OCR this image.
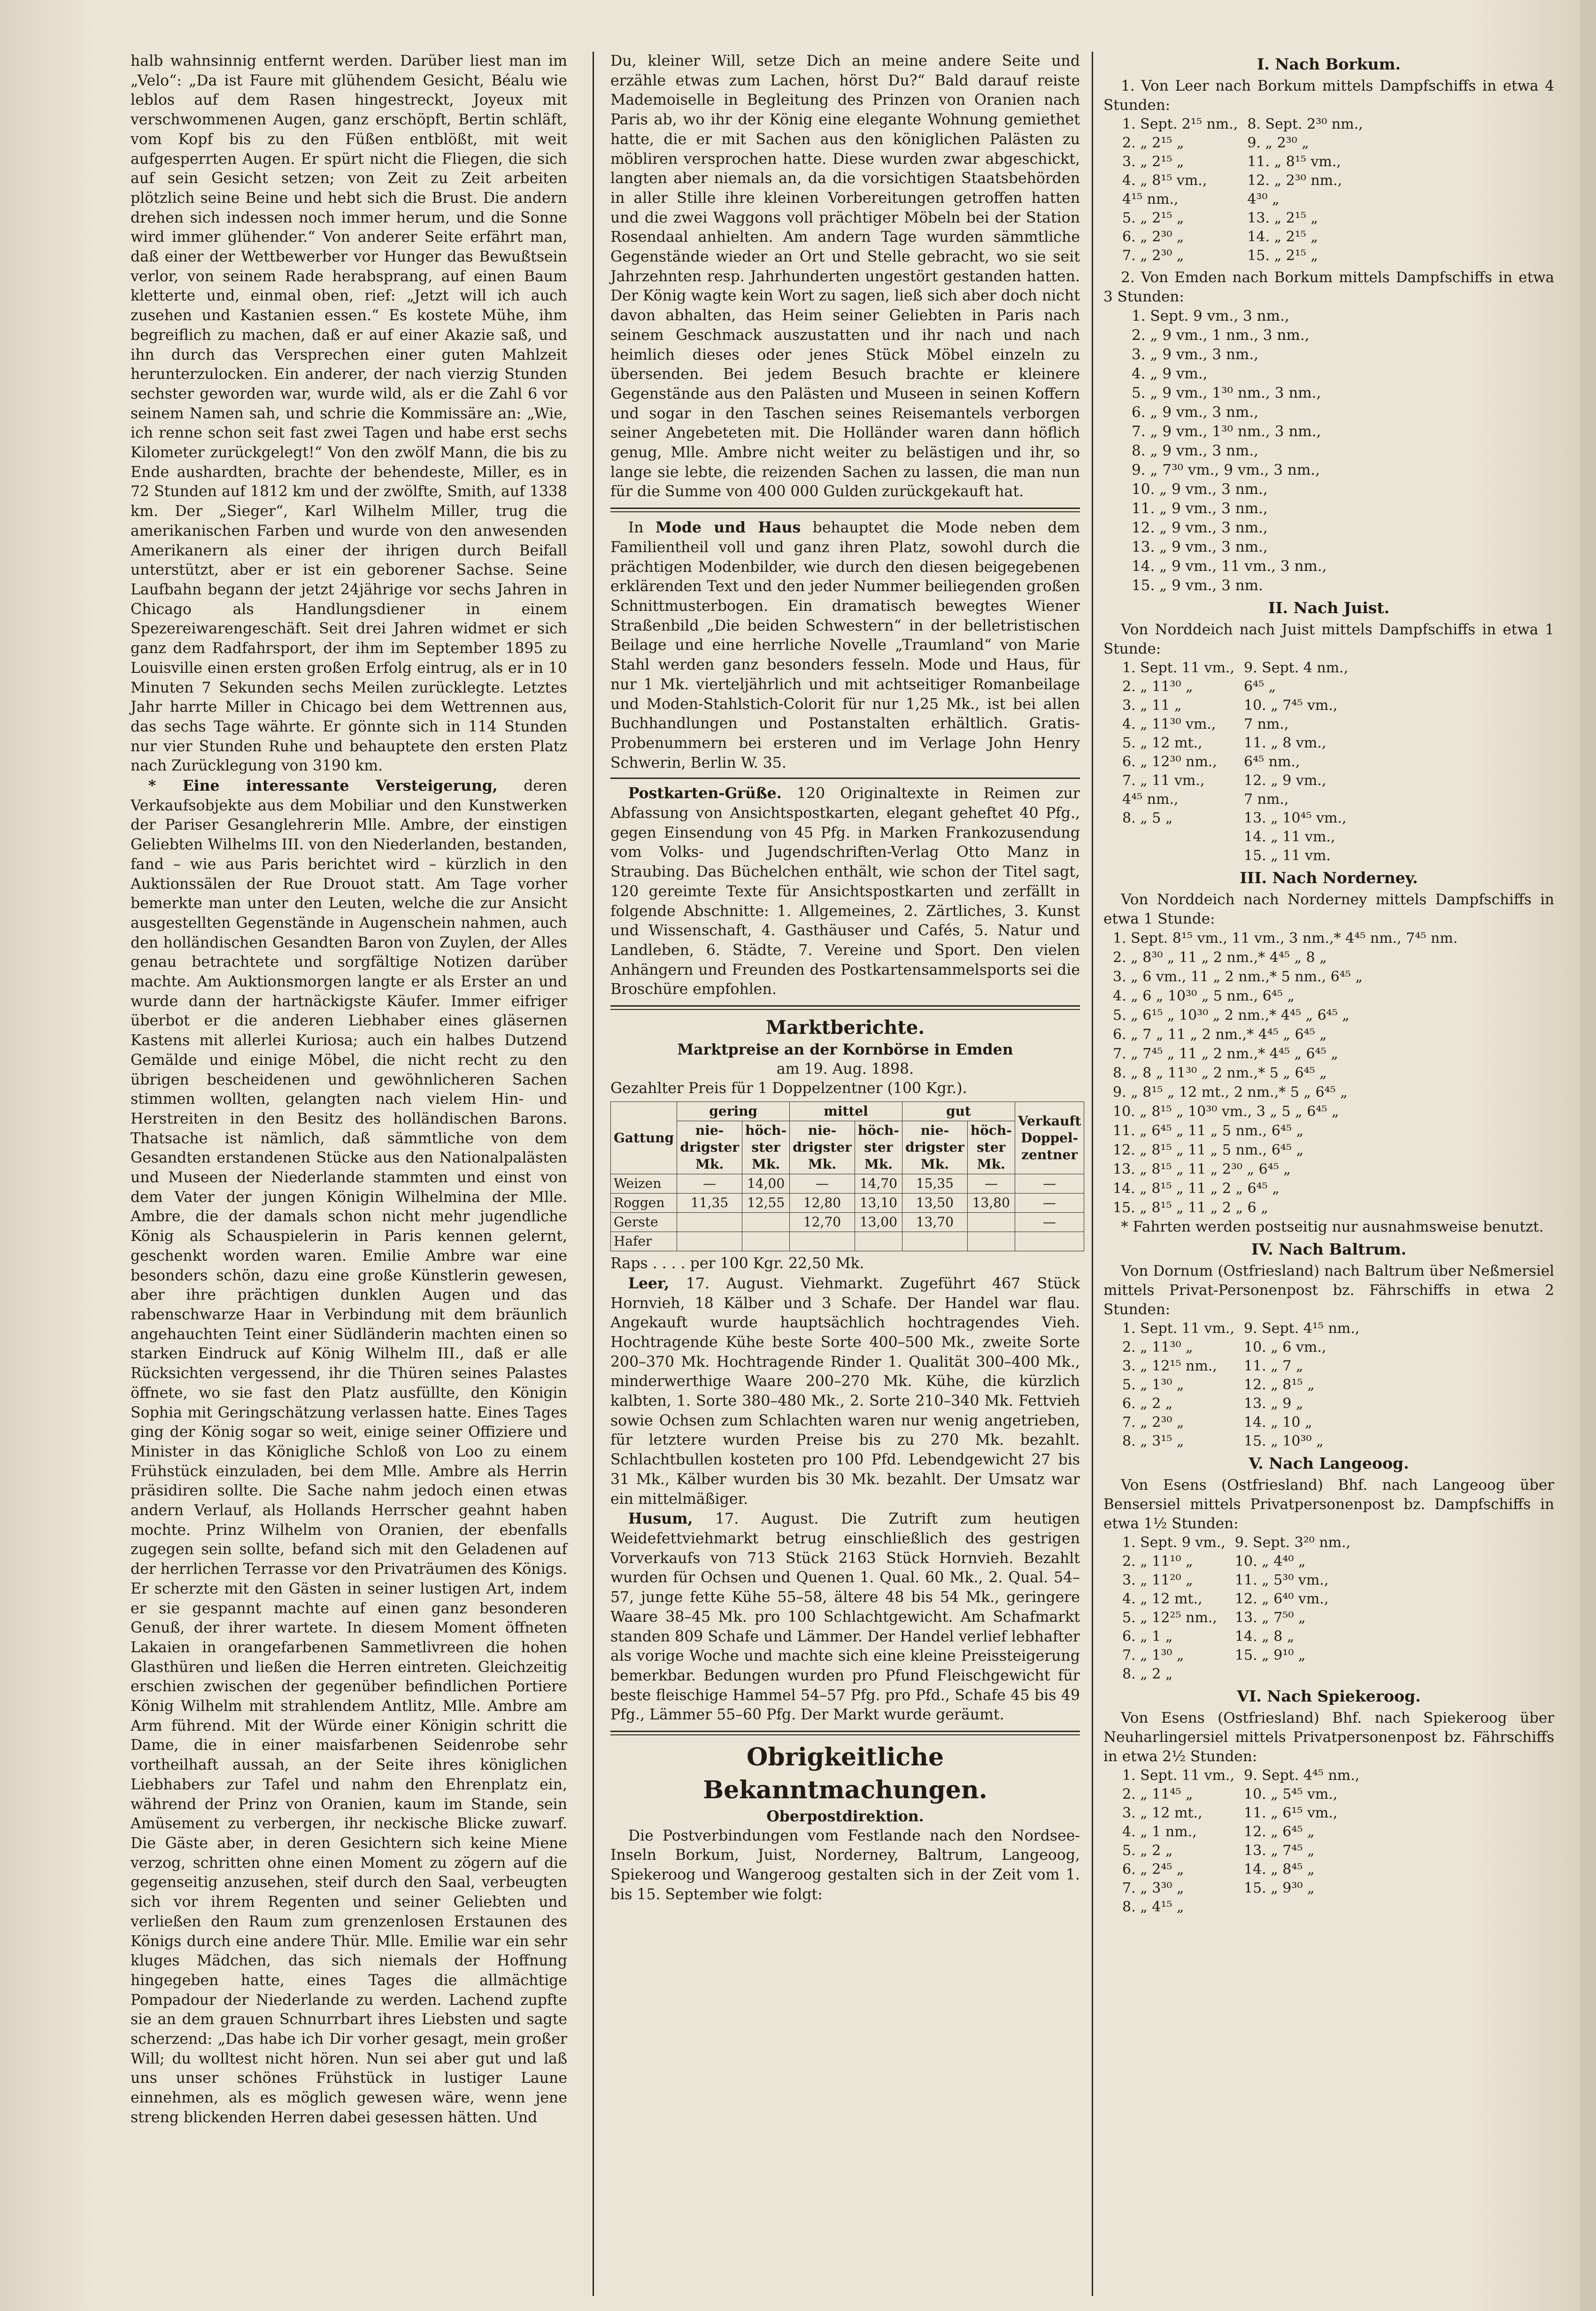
halb wahnsinnig entfernt werden. Darüber liest man im „Velo“: „Da ist Faure mit glühendem Gesicht, Béalu wie leblos auf dem Rasen hingestreckt, Joyeux mit verschwommenen Augen, ganz erschöpft, Bertin schläft, vom Kopf bis zu den Füßen entblößt, mit weit aufgesperrten Augen. Er spürt nicht die Fliegen, die sich auf sein Gesicht setzen; von Zeit zu Zeit arbeiten plötzlich seine Beine und hebt sich die Brust. Die andern drehen sich indessen noch immer herum, und die Sonne wird immer glühender.“ Von anderer Seite erfährt man, daß einer der Wettbewerber vor Hunger das Bewußtsein verlor, von seinem Rade herabsprang, auf einen Baum kletterte und, einmal oben, rief: „Jetzt will ich auch zusehen und Kastanien essen.“ Es kostete Mühe, ihm begreiflich zu machen, daß er auf einer Akazie saß, und ihn durch das Versprechen einer guten Mahlzeit herunterzulocken. Ein anderer, der nach vierzig Stunden sechster geworden war, wurde wild, als er die Zahl 6 vor seinem Namen sah, und schrie die Kommissäre an: „Wie, ich renne schon seit fast zwei Tagen und habe erst sechs Kilometer zurückgelegt!“ Von den zwölf Mann, die bis zu Ende aushardten, brachte der behendeste, Miller, es in 72 Stunden auf 1812 km und der zwölfte, Smith, auf 1338 km. Der „Sieger“, Karl Wilhelm Miller, trug die amerikanischen Farben und wurde von den anwesenden Amerikanern als einer der ihrigen durch Beifall unterstützt, aber er ist ein geborener Sachse. Seine Laufbahn begann der jetzt 24jährige vor sechs Jahren in Chicago als Handlungsdiener in einem Spezereiwarengeschäft. Seit drei Jahren widmet er sich ganz dem Radfahrsport, der ihm im September 1895 zu Louisville einen ersten großen Erfolg eintrug, als er in 10 Minuten 7 Sekunden sechs Meilen zurücklegte. Letztes Jahr harrte Miller in Chicago bei dem Wettrennen aus, das sechs Tage währte. Er gönnte sich in 114 Stunden nur vier Stunden Ruhe und behauptete den ersten Platz nach Zurücklegung von 3190 km.

* Eine interessante Versteigerung, deren Verkaufsobjekte aus dem Mobiliar und den Kunstwerken der Pariser Gesanglehrerin Mlle. Ambre, der einstigen Geliebten Wilhelms III. von den Niederlanden, bestanden, fand – wie aus Paris berichtet wird – kürzlich in den Auktionssälen der Rue Drouot statt. Am Tage vorher bemerkte man unter den Leuten, welche die zur Ansicht ausgestellten Gegenstände in Augenschein nahmen, auch den holländischen Gesandten Baron von Zuylen, der Alles genau betrachtete und sorgfältige Notizen darüber machte. Am Auktionsmorgen langte er als Erster an und wurde dann der hartnäckigste Käufer. Immer eifriger überbot er die anderen Liebhaber eines gläsernen Kastens mit allerlei Kuriosa; auch ein halbes Dutzend Gemälde und einige Möbel, die nicht recht zu den übrigen bescheidenen und gewöhnlicheren Sachen stimmen wollten, gelangten nach vielem Hin- und Herstreiten in den Besitz des holländischen Barons. Thatsache ist nämlich, daß sämmtliche von dem Gesandten erstandenen Stücke aus den Nationalpalästen und Museen der Niederlande stammten und einst von dem Vater der jungen Königin Wilhelmina der Mlle. Ambre, die der damals schon nicht mehr jugendliche König als Schauspielerin in Paris kennen gelernt, geschenkt worden waren. Emilie Ambre war eine besonders schön, dazu eine große Künstlerin gewesen, aber ihre prächtigen dunklen Augen und das rabenschwarze Haar in Verbindung mit dem bräunlich angehauchten Teint einer Südländerin machten einen so starken Eindruck auf König Wilhelm III., daß er alle Rücksichten vergessend, ihr die Thüren seines Palastes öffnete, wo sie fast den Platz ausfüllte, den Königin Sophia mit Geringschätzung verlassen hatte. Eines Tages ging der König sogar so weit, einige seiner Offiziere und Minister in das Königliche Schloß von Loo zu einem Frühstück einzuladen, bei dem Mlle. Ambre als Herrin präsidiren sollte. Die Sache nahm jedoch einen etwas andern Verlauf, als Hollands Herrscher geahnt haben mochte. Prinz Wilhelm von Oranien, der ebenfalls zugegen sein sollte, befand sich mit den Geladenen auf der herrlichen Terrasse vor den Privaträumen des Königs. Er scherzte mit den Gästen in seiner lustigen Art, indem er sie gespannt machte auf einen ganz besonderen Genuß, der ihrer wartete. In diesem Moment öffneten Lakaien in orangefarbenen Sammetlivreen die hohen Glasthüren und ließen die Herren eintreten. Gleichzeitig erschien zwischen der gegenüber befindlichen Portiere König Wilhelm mit strahlendem Antlitz, Mlle. Ambre am Arm führend. Mit der Würde einer Königin schritt die Dame, die in einer maisfarbenen Seidenrobe sehr vortheilhaft aussah, an der Seite ihres königlichen Liebhabers zur Tafel und nahm den Ehrenplatz ein, während der Prinz von Oranien, kaum im Stande, sein Amüsement zu verbergen, ihr neckische Blicke zuwarf. Die Gäste aber, in deren Gesichtern sich keine Miene verzog, schritten ohne einen Moment zu zögern auf die gegenseitig anzusehen, steif durch den Saal, verbeugten sich vor ihrem Regenten und seiner Geliebten und verließen den Raum zum grenzenlosen Erstaunen des Königs durch eine andere Thür. Mlle. Emilie war ein sehr kluges Mädchen, das sich niemals der Hoffnung hingegeben hatte, eines Tages die allmächtige Pompadour der Niederlande zu werden. Lachend zupfte sie an dem grauen Schnurrbart ihres Liebsten und sagte scherzend: „Das habe ich Dir vorher gesagt, mein großer Will; du wolltest nicht hören. Nun sei aber gut und laß uns unser schönes Frühstück in lustiger Laune einnehmen, als es möglich gewesen wäre, wenn jene streng blickenden Herren dabei gesessen hätten. Und

Du, kleiner Will, setze Dich an meine andere Seite und erzähle etwas zum Lachen, hörst Du?“ Bald darauf reiste Mademoiselle in Begleitung des Prinzen von Oranien nach Paris ab, wo ihr der König eine elegante Wohnung gemiethet hatte, die er mit Sachen aus den königlichen Palästen zu möbliren versprochen hatte. Diese wurden zwar abgeschickt, langten aber niemals an, da die vorsichtigen Staatsbehörden in aller Stille ihre kleinen Vorbereitungen getroffen hatten und die zwei Waggons voll prächtiger Möbeln bei der Station Rosendaal anhielten. Am andern Tage wurden sämmtliche Gegenstände wieder an Ort und Stelle gebracht, wo sie seit Jahrzehnten resp. Jahrhunderten ungestört gestanden hatten. Der König wagte kein Wort zu sagen, ließ sich aber doch nicht davon abhalten, das Heim seiner Geliebten in Paris nach seinem Geschmack auszustatten und ihr nach und nach heimlich dieses oder jenes Stück Möbel einzeln zu übersenden. Bei jedem Besuch brachte er kleinere Gegenstände aus den Palästen und Museen in seinen Koffern und sogar in den Taschen seines Reisemantels verborgen seiner Angebeteten mit. Die Holländer waren dann höflich genug, Mlle. Ambre nicht weiter zu belästigen und ihr, so lange sie lebte, die reizenden Sachen zu lassen, die man nun für die Summe von 400 000 Gulden zurückgekauft hat.

In Mode und Haus behauptet die Mode neben dem Familientheil voll und ganz ihren Platz, sowohl durch die prächtigen Modenbilder, wie durch den diesen beigegebenen erklärenden Text und den jeder Nummer beiliegenden großen Schnittmusterbogen. Ein dramatisch bewegtes Wiener Straßenbild „Die beiden Schwestern“ in der belletristischen Beilage und eine herrliche Novelle „Traumland“ von Marie Stahl werden ganz besonders fesseln. Mode und Haus, für nur 1 Mk. vierteljährlich und mit achtseitiger Romanbeilage und Moden-Stahlstich-Colorit für nur 1,25 Mk., ist bei allen Buchhandlungen und Postanstalten erhältlich. Gratis-Probenummern bei ersteren und im Verlage John Henry Schwerin, Berlin W. 35.

Postkarten-Grüße. 120 Originaltexte in Reimen zur Abfassung von Ansichtspostkarten, elegant geheftet 40 Pfg., gegen Einsendung von 45 Pfg. in Marken Frankozusendung vom Volks- und Jugendschriften-Verlag Otto Manz in Straubing. Das Büchelchen enthält, wie schon der Titel sagt, 120 gereimte Texte für Ansichtspostkarten und zerfällt in folgende Abschnitte: 1. Allgemeines, 2. Zärtliches, 3. Kunst und Wissenschaft, 4. Gasthäuser und Cafés, 5. Natur und Landleben, 6. Städte, 7. Vereine und Sport. Den vielen Anhängern und Freunden des Postkartensammelsports sei die Broschüre empfohlen.

Marktberichte.

Marktpreise an der Kornbörse in Emden

am 19. Aug. 1898.

Gezahlter Preis für 1 Doppelzentner (100 Kgr.).

Gattung	gering		mittel		gut		Verkauft Doppel- zentner
	nie- drigster Mk.	höch- ster Mk.	nie- drigster Mk.	höch- ster Mk.	nie- drigster Mk.	höch- ster Mk.	
Weizen	—	14,00	—	14,70	15,35	—	—
Roggen	11,35	12,55	12,80	13,10	13,50	13,80	—
Gerste			12,70	13,00	13,70		—
Hafer							

Raps . . . . per 100 Kgr. 22,50 Mk.

Leer, 17. August. Viehmarkt. Zugeführt 467 Stück Hornvieh, 18 Kälber und 3 Schafe. Der Handel war flau. Angekauft wurde hauptsächlich hochtragendes Vieh. Hochtragende Kühe beste Sorte 400–500 Mk., zweite Sorte 200–370 Mk. Hochtragende Rinder 1. Qualität 300–400 Mk., minderwerthige Waare 200–270 Mk. Kühe, die kürzlich kalbten, 1. Sorte 380–480 Mk., 2. Sorte 210–340 Mk. Fettvieh sowie Ochsen zum Schlachten waren nur wenig angetrieben, für letztere wurden Preise bis zu 270 Mk. bezahlt. Schlachtbullen kosteten pro 100 Pfd. Lebendgewicht 27 bis 31 Mk., Kälber wurden bis 30 Mk. bezahlt. Der Umsatz war ein mittelmäßiger.

Husum, 17. August. Die Zutrift zum heutigen Weidefettviehmarkt betrug einschließlich des gestrigen Vorverkaufs von 713 Stück 2163 Stück Hornvieh. Bezahlt wurden für Ochsen und Quenen 1. Qual. 60 Mk., 2. Qual. 54–57, junge fette Kühe 55–58, ältere 48 bis 54 Mk., geringere Waare 38–45 Mk. pro 100 Schlachtgewicht. Am Schafmarkt standen 809 Schafe und Lämmer. Der Handel verlief lebhafter als vorige Woche und machte sich eine kleine Preissteigerung bemerkbar. Bedungen wurden pro Pfund Fleischgewicht für beste fleischige Hammel 54–57 Pfg. pro Pfd., Schafe 45 bis 49 Pfg., Lämmer 55–60 Pfg. Der Markt wurde geräumt.

Obrigkeitliche Bekanntmachungen.

Oberpostdirektion.

Die Postverbindungen vom Festlande nach den Nordsee-Inseln Borkum, Juist, Norderney, Baltrum, Langeoog, Spiekeroog und Wangeroog gestalten sich in der Zeit vom 1. bis 15. September wie folgt:

I. Nach Borkum.

1. Von Leer nach Borkum mittels Dampfschiffs in etwa 4 Stunden:

1. Sept. 2¹⁵ nm.,	8. Sept. 2³⁰ nm.,
2. „ 2¹⁵ „	9. „ 2³⁰ „
3. „ 2¹⁵ „	11. „ 8¹⁵ vm.,
4. „ 8¹⁵ vm.,	12. „ 2³⁰ nm.,
4¹⁵ nm.,	4³⁰ „
5. „ 2¹⁵ „	13. „ 2¹⁵ „
6. „ 2³⁰ „	14. „ 2¹⁵ „
7. „ 2³⁰ „	15. „ 2¹⁵ „

2. Von Emden nach Borkum mittels Dampfschiffs in etwa 3 Stunden:

1. Sept. 9 vm., 3 nm.,
2. „ 9 vm., 1 nm., 3 nm.,
3. „ 9 vm., 3 nm.,
4. „ 9 vm.,
5. „ 9 vm., 1³⁰ nm., 3 nm.,
6. „ 9 vm., 3 nm.,
7. „ 9 vm., 1³⁰ nm., 3 nm.,
8. „ 9 vm., 3 nm.,
9. „ 7³⁰ vm., 9 vm., 3 nm.,
10. „ 9 vm., 3 nm.,
11. „ 9 vm., 3 nm.,
12. „ 9 vm., 3 nm.,
13. „ 9 vm., 3 nm.,
14. „ 9 vm., 11 vm., 3 nm.,
15. „ 9 vm., 3 nm.
II. Nach Juist.

Von Norddeich nach Juist mittels Dampfschiffs in etwa 1 Stunde:

1. Sept. 11 vm.,	9. Sept. 4 nm.,
2. „ 11³⁰ „	6⁴⁵ „
3. „ 11 „	10. „ 7⁴⁵ vm.,
4. „ 11³⁰ vm.,	7 nm.,
5. „ 12 mt.,	11. „ 8 vm.,
6. „ 12³⁰ nm.,	6⁴⁵ nm.,
7. „ 11 vm.,	12. „ 9 vm.,
4⁴⁵ nm.,	7 nm.,
8. „ 5 „	13. „ 10⁴⁵ vm.,
	14. „ 11 vm.,
	15. „ 11 vm.
III. Nach Norderney.

Von Norddeich nach Norderney mittels Dampfschiffs in etwa 1 Stunde:

1. Sept. 8¹⁵ vm., 11 vm., 3 nm.,* 4⁴⁵ nm., 7⁴⁵ nm.
2. „ 8³⁰ „ 11 „ 2 nm.,* 4⁴⁵ „ 8 „
3. „ 6 vm., 11 „ 2 nm.,* 5 nm., 6⁴⁵ „
4. „ 6 „ 10³⁰ „ 5 nm., 6⁴⁵ „
5. „ 6¹⁵ „ 10³⁰ „ 2 nm.,* 4⁴⁵ „ 6⁴⁵ „
6. „ 7 „ 11 „ 2 nm.,* 4⁴⁵ „ 6⁴⁵ „
7. „ 7⁴⁵ „ 11 „ 2 nm.,* 4⁴⁵ „ 6⁴⁵ „
8. „ 8 „ 11³⁰ „ 2 nm.,* 5 „ 6⁴⁵ „
9. „ 8¹⁵ „ 12 mt., 2 nm.,* 5 „ 6⁴⁵ „
10. „ 8¹⁵ „ 10³⁰ vm., 3 „ 5 „ 6⁴⁵ „
11. „ 6⁴⁵ „ 11 „ 5 nm., 6⁴⁵ „
12. „ 8¹⁵ „ 11 „ 5 nm., 6⁴⁵ „
13. „ 8¹⁵ „ 11 „ 2³⁰ „ 6⁴⁵ „
14. „ 8¹⁵ „ 11 „ 2 „ 6⁴⁵ „
15. „ 8¹⁵ „ 11 „ 2 „ 6 „

* Fahrten werden postseitig nur ausnahmsweise benutzt.

IV. Nach Baltrum.

Von Dornum (Ostfriesland) nach Baltrum über Neßmersiel mittels Privat-Personenpost bz. Fährschiffs in etwa 2 Stunden:

1. Sept. 11 vm.,	9. Sept. 4¹⁵ nm.,
2. „ 11³⁰ „	10. „ 6 vm.,
3. „ 12¹⁵ nm.,	11. „ 7 „
5. „ 1³⁰ „	12. „ 8¹⁵ „
6. „ 2 „	13. „ 9 „
7. „ 2³⁰ „	14. „ 10 „
8. „ 3¹⁵ „	15. „ 10³⁰ „
V. Nach Langeoog.

Von Esens (Ostfriesland) Bhf. nach Langeoog über Bensersiel mittels Privatpersonenpost bz. Dampfschiffs in etwa 1½ Stunden:

1. Sept. 9 vm.,	9. Sept. 3²⁰ nm.,
2. „ 11¹⁰ „	10. „ 4⁴⁰ „
3. „ 11²⁰ „	11. „ 5³⁰ vm.,
4. „ 12 mt.,	12. „ 6⁴⁰ vm.,
5. „ 12²⁵ nm.,	13. „ 7⁵⁰ „
6. „ 1 „	14. „ 8 „
7. „ 1³⁰ „	15. „ 9¹⁰ „
8. „ 2 „	
VI. Nach Spiekeroog.

Von Esens (Ostfriesland) Bhf. nach Spiekeroog über Neuharlingersiel mittels Privatpersonenpost bz. Fährschiffs in etwa 2½ Stunden:

1. Sept. 11 vm.,	9. Sept. 4⁴⁵ nm.,
2. „ 11⁴⁵ „	10. „ 5⁴⁵ vm.,
3. „ 12 mt.,	11. „ 6¹⁵ vm.,
4. „ 1 nm.,	12. „ 6⁴⁵ „
5. „ 2 „	13. „ 7⁴⁵ „
6. „ 2⁴⁵ „	14. „ 8⁴⁵ „
7. „ 3³⁰ „	15. „ 9³⁰ „
8. „ 4¹⁵ „	
